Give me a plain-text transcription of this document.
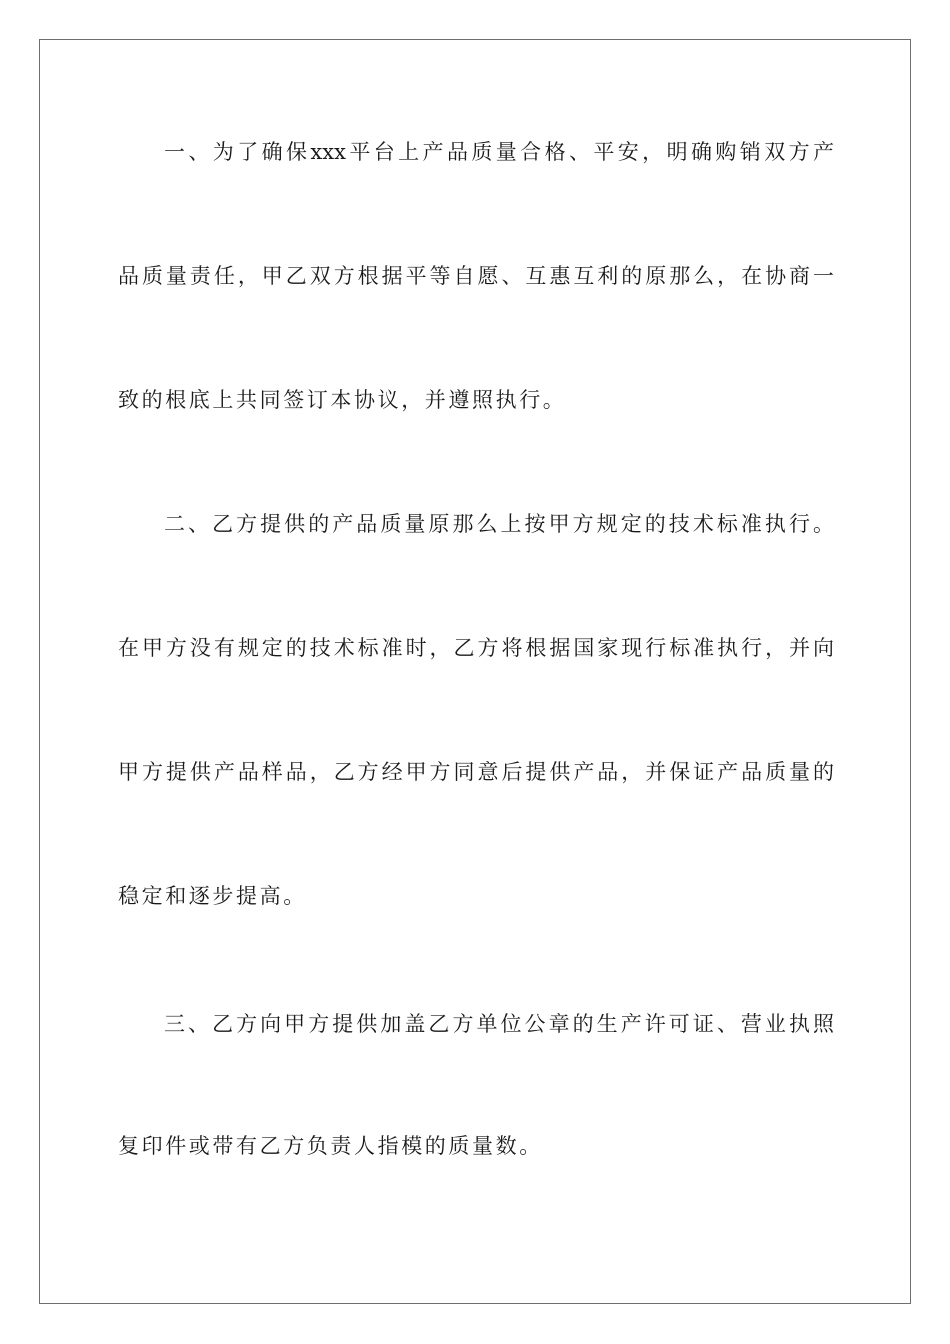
一、为了确保xxx平台上产品质量合格、平安，明确购销双方产

品质量责任，甲乙双方根据平等自愿、互惠互利的原那么，在协商一

致的根底上共同签订本协议，并遵照执行。

二、乙方提供的产品质量原那么上按甲方规定的技术标准执行。

在甲方没有规定的技术标准时，乙方将根据国家现行标准执行，并向

甲方提供产品样品，乙方经甲方同意后提供产品，并保证产品质量的

稳定和逐步提高。

三、乙方向甲方提供加盖乙方单位公章的生产许可证、营业执照

复印件或带有乙方负责人指模的质量数。
